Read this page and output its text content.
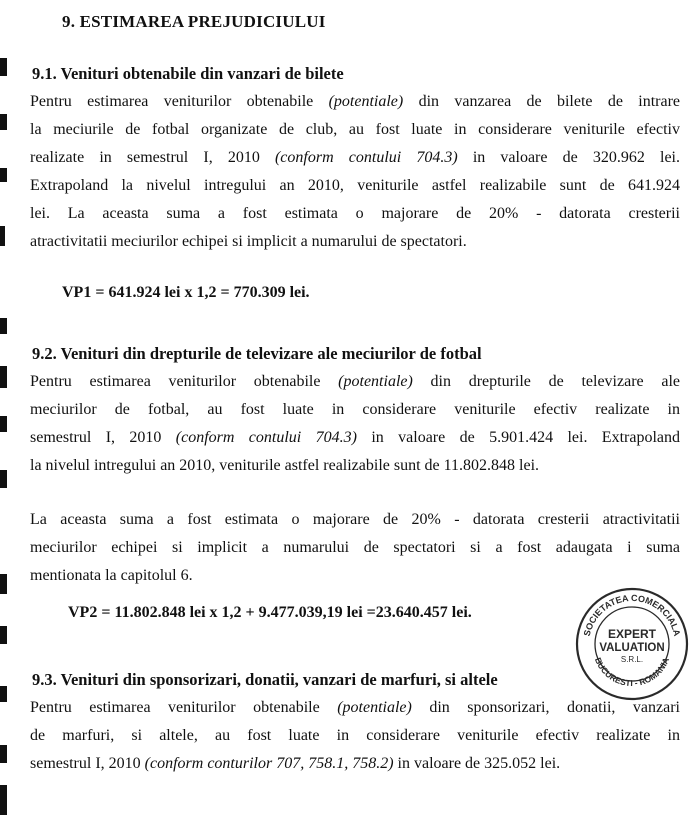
9. ESTIMAREA PREJUDICIULUI
9.1. Venituri obtenabile din vanzari de bilete
Pentru estimarea veniturilor obtenabile (potentiale) din vanzarea de bilete de intrare
la meciurile de fotbal organizate de club, au fost luate in considerare veniturile efectiv
realizate in semestrul I, 2010 (conform contului 704.3) in valoare de 320.962 lei.
Extrapoland la nivelul intregului an 2010, veniturile astfel realizabile sunt de 641.924
lei. La aceasta suma a fost estimata o majorare de 20% - datorata cresterii
atractivitatii meciurilor echipei si implicit a numarului de spectatori.
VP1 = 641.924 lei x 1,2 = 770.309 lei.
9.2. Venituri din drepturile de televizare ale meciurilor de fotbal
Pentru estimarea veniturilor obtenabile (potentiale) din drepturile de televizare ale
meciurilor de fotbal, au fost luate in considerare veniturile efectiv realizate in
semestrul I, 2010 (conform contului 704.3) in valoare de 5.901.424 lei. Extrapoland
la nivelul intregului an 2010, veniturile astfel realizabile sunt de 11.802.848 lei.
La aceasta suma a fost estimata o majorare de 20% - datorata cresterii atractivitatii
meciurilor echipei si implicit a numarului de spectatori si a fost adaugata i suma
mentionata la capitolul 6.
VP2 = 11.802.848 lei x 1,2 + 9.477.039,19 lei =23.640.457 lei.
SOCIETATEA COMERCIALA
BUCURESTI - ROMANIA
EXPERT
VALUATION
S.R.L.
9.3. Venituri din sponsorizari, donatii, vanzari de marfuri, si altele
Pentru estimarea veniturilor obtenabile (potentiale) din sponsorizari, donatii, vanzari
de marfuri, si altele, au fost luate in considerare veniturile efectiv realizate in
semestrul I, 2010 (conform conturilor 707, 758.1, 758.2) in valoare de 325.052 lei.
